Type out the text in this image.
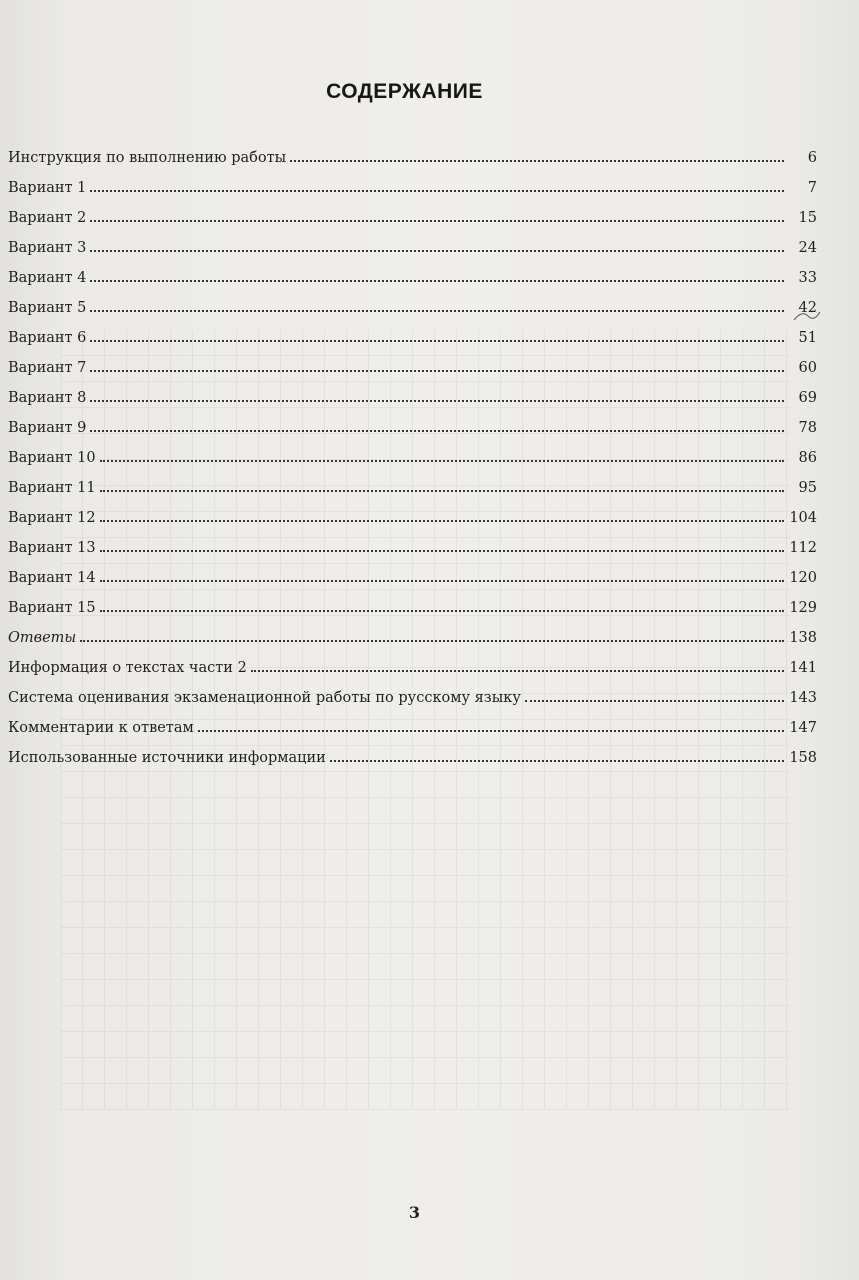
СОДЕРЖАНИЕ
Инструкция по выполнению работы	6
Вариант 1	7
Вариант 2	15
Вариант 3	24
Вариант 4	33
Вариант 5	42
Вариант 6	51
Вариант 7	60
Вариант 8	69
Вариант 9	78
Вариант 10	86
Вариант 11	95
Вариант 12	104
Вариант 13	112
Вариант 14	120
Вариант 15	129
Ответы	138
Информация о текстах части 2	141
Система оценивания экзаменационной работы по русскому языку	143
Комментарии к ответам	147
Использованные источники информации	158
3
